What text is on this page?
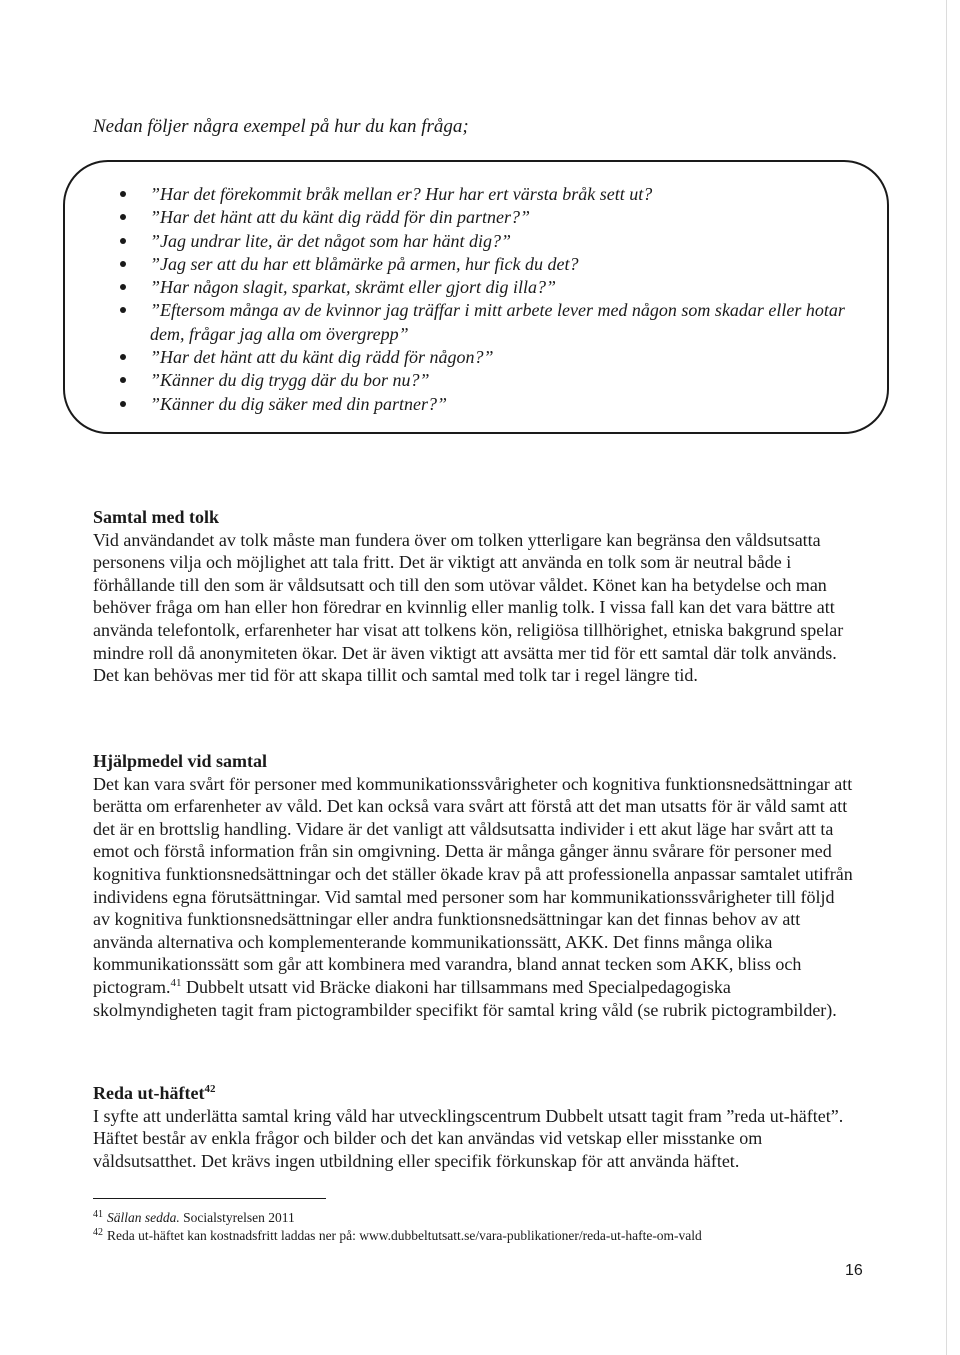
Nedan följer några exempel på hur du kan fråga;

”Har det förekommit bråk mellan er? Hur har ert värsta bråk sett ut?
”Har det hänt att du känt dig rädd för din partner?”
”Jag undrar lite, är det något som har hänt dig?”
”Jag ser att du har ett blåmärke på armen, hur fick du det?
”Har någon slagit, sparkat, skrämt eller gjort dig illa?”
”Eftersom många av de kvinnor jag träffar i mitt arbete lever med någon som skadar eller hotar dem, frågar jag alla om övergrepp”
”Har det hänt att du känt dig rädd för någon?”
”Känner du dig trygg där du bor nu?”
”Känner du dig säker med din partner?”
Samtal med tolk

Vid användandet av tolk måste man fundera över om tolken ytterligare kan begränsa den våldsutsatta personens vilja och möjlighet att tala fritt. Det är viktigt att använda en tolk som är neutral både i förhållande till den som är våldsutsatt och till den som utövar våldet. Könet kan ha betydelse och man behöver fråga om han eller hon föredrar en kvinnlig eller manlig tolk. I vissa fall kan det vara bättre att använda telefontolk, erfarenheter har visat att tolkens kön, religiösa tillhörighet, etniska bakgrund spelar mindre roll då anonymiteten ökar. Det är även viktigt att avsätta mer tid för ett samtal där tolk används. Det kan behövas mer tid för att skapa tillit och samtal med tolk tar i regel längre tid.

Hjälpmedel vid samtal

Det kan vara svårt för personer med kommunikationssvårigheter och kognitiva funktionsnedsättningar att berätta om erfarenheter av våld. Det kan också vara svårt att förstå att det man utsatts för är våld samt att det är en brottslig handling. Vidare är det vanligt att våldsutsatta individer i ett akut läge har svårt att ta emot och förstå information från sin omgivning. Detta är många gånger ännu svårare för personer med kognitiva funktionsnedsättningar och det ställer ökade krav på att professionella anpassar samtalet utifrån individens egna förutsättningar. Vid samtal med personer som har kommunikationssvårigheter till följd av kognitiva funktionsnedsättningar eller andra funktionsnedsättningar kan det finnas behov av att använda alternativa och komplementerande kommunikationssätt, AKK. Det finns många olika kommunikationssätt som går att kombinera med varandra, bland annat tecken som AKK, bliss och pictogram.$^{41}$ Dubbelt utsatt vid Bräcke diakoni har tillsammans med Specialpedagogiska skolmyndigheten tagit fram pictogrambilder specifikt för samtal kring våld (se rubrik pictogrambilder).

Reda ut-häftet$^{42}$

I syfte att underlätta samtal kring våld har utvecklingscentrum Dubbelt utsatt tagit fram ”reda ut-häftet”. Häftet består av enkla frågor och bilder och det kan användas vid vetskap eller misstanke om våldsutsatthet. Det krävs ingen utbildning eller specifik förkunskap för att använda häftet.

$^{41}$ Sällan sedda. Socialstyrelsen 2011
$^{42}$ Reda ut-häftet kan kostnadsfritt laddas ner på: www.dubbeltutsatt.se/vara-publikationer/reda-ut-hafte-om-vald
16
